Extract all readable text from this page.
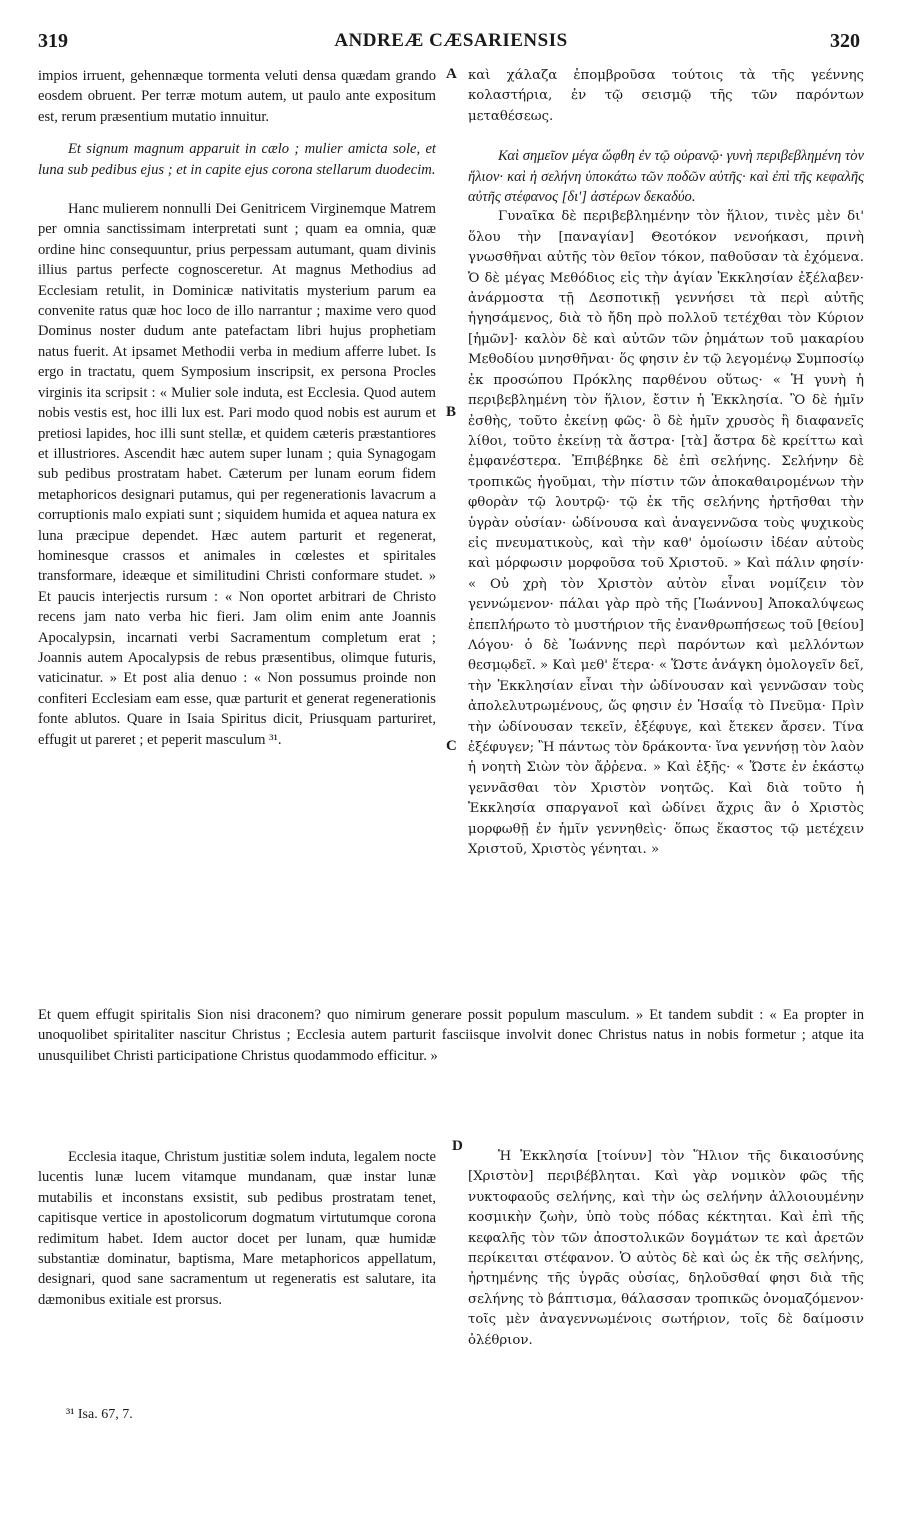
319	ANDREÆ CÆSARIENSIS	320

impios irruent, gehennæque tormenta veluti densa quædam grando eosdem obruent. Per terræ motum autem, ut paulo ante expositum est, rerum præsentium mutatio innuitur.

Et signum magnum apparuit in cælo ; mulier amicta sole, et luna sub pedibus ejus ; et in capite ejus corona stellarum duodecim.

Hanc mulierem nonnulli Dei Genitricem Virginemque Matrem per omnia sanctissimam interpretati sunt ; quam ea omnia, quæ ordine hinc consequuntur, prius perpessam autumant, quam divinis illius partus perfecte cognosceretur. At magnus Methodius ad Ecclesiam retulit, in Dominicæ nativitatis mysterium parum ea convenite ratus quæ hoc loco de illo narrantur ; maxime vero quod Dominus noster dudum ante patefactam libri hujus prophetiam natus fuerit. At ipsamet Methodii verba in medium afferre lubet. Is ergo in tractatu, quem Symposium inscripsit, ex persona Procles virginis ita scripsit : « Mulier sole induta, est Ecclesia. Quod autem nobis vestis est, hoc illi lux est. Pari modo quod nobis est aurum et pretiosi lapides, hoc illi sunt stellæ, et quidem cæteris præstantiores et illustriores. Ascendit hæc autem super lunam ; quia Synagogam sub pedibus prostratam habet. Cæterum per lunam eorum fidem metaphoricos designari putamus, qui per regenerationis lavacrum a corruptionis malo expiati sunt ; siquidem humida et aquea natura ex luna præcipue dependet. Hæc autem parturit et regenerat, hominesque crassos et animales in cœlestes et spiritales transformare, ideæque et similitudini Christi conformare studet. » Et paucis interjectis rursum : « Non oportet arbitrari de Christo recens jam nato verba hic fieri. Jam olim enim ante Joannis Apocalypsin, incarnati verbi Sacramentum completum erat ; Joannis autem Apocalypsis de rebus præsentibus, olimque futuris, vaticinatur. » Et post alia denuo : « Non possumus proinde non confiteri Ecclesiam eam esse, quæ parturit et generat regenerationis fonte ablutos. Quare in Isaia Spiritus dicit, Priusquam parturiret, effugit ut pareret ; et peperit masculum ³¹.

καὶ χάλαζα ἐπομβροῦσα τούτοις τὰ τῆς γεέννης κολαστήρια, ἐν τῷ σεισμῷ τῆς τῶν παρόντων μεταθέσεως.

Καὶ σημεῖον μέγα ὤφθη ἐν τῷ οὐρανῷ· γυνὴ περιβεβλημένη τὸν ἥλιον· καὶ ἡ σελήνη ὑποκάτω τῶν ποδῶν αὐτῆς· καὶ ἐπὶ τῆς κεφαλῆς αὐτῆς στέφανος [δι'] ἀστέρων δεκαδύο.

Γυναῖκα δὲ περιβεβλημένην τὸν ἥλιον, τινὲς μὲν δι' ὅλου τὴν [παναγίαν] Θεοτόκον νενοήκασι, πρινὴ γνωσθῆναι αὐτῆς τὸν θεῖον τόκον, παθοῦσαν τὰ ἐχόμενα. Ὁ δὲ μέγας Μεθόδιος εἰς τὴν ἁγίαν Ἐκκλησίαν ἐξέλαβεν· ἀνάρμοστα τῇ Δεσποτικῇ γεννήσει τὰ περὶ αὐτῆς ἡγησάμενος, διὰ τὸ ἤδη πρὸ πολλοῦ τετέχθαι τὸν Κύριον [ἡμῶν]· καλὸν δὲ καὶ αὐτῶν τῶν ῥημάτων τοῦ μακαρίου Μεθοδίου μνησθῆναι· ὅς φησιν ἐν τῷ λεγομένῳ Συμποσίῳ ἐκ προσώπου Πρόκλης παρθένου οὕτως· « Ἡ γυνὴ ἡ περιβεβλημένη τὸν ἥλιον, ἔστιν ἡ Ἐκκλησία. Ὃ δὲ ἡμῖν ἐσθὴς, τοῦτο ἐκείνῃ φῶς· ὃ δὲ ἡμῖν χρυσὸς ἢ διαφανεῖς λίθοι, τοῦτο ἐκείνῃ τὰ ἄστρα· [τὰ] ἄστρα δὲ κρείττω καὶ ἐμφανέστερα. Ἐπιβέβηκε δὲ ἐπὶ σελήνης. Σελήνην δὲ τροπικῶς ἡγοῦμαι, τὴν πίστιν τῶν ἀποκαθαιρομένων τὴν φθορὰν τῷ λουτρῷ· τῷ ἐκ τῆς σελήνης ἠρτῆσθαι τὴν ὑγρὰν οὐσίαν· ὠδίνουσα καὶ ἀναγεννῶσα τοὺς ψυχικοὺς εἰς πνευματικοὺς, καὶ τὴν καθ' ὁμοίωσιν ἰδέαν αὐτοὺς καὶ μόρφωσιν μορφοῦσα τοῦ Χριστοῦ. » Καὶ πάλιν φησίν· « Οὐ χρὴ τὸν Χριστὸν αὐτὸν εἶναι νομίζειν τὸν γεννώμενον· πάλαι γὰρ πρὸ τῆς [Ἰωάννου] Ἀποκαλύψεως ἐπεπλήρωτο τὸ μυστήριον τῆς ἐνανθρωπήσεως τοῦ [θείου] Λόγου· ὁ δὲ Ἰωάννης περὶ παρόντων καὶ μελλόντων θεσμῳδεῖ. » Καὶ μεθ' ἕτερα· « Ὥστε ἀνάγκη ὁμολογεῖν δεῖ, τὴν Ἐκκλησίαν εἶναι τὴν ὠδίνουσαν καὶ γεννῶσαν τοὺς ἀπολελυτρωμένους, ὥς φησιν ἐν Ἡσαΐᾳ τὸ Πνεῦμα· Πρὶν τὴν ὠδίνουσαν τεκεῖν, ἐξέφυγε, καὶ ἔτεκεν ἄρσεν. Τίνα ἐξέφυγεν; Ἢ πάντως τὸν δράκοντα· ἵνα γεννήσῃ τὸν λαὸν ἡ νοητὴ Σιὼν τὸν ἄῤῥενα. » Καὶ ἑξῆς· « Ὥστε ἐν ἑκάστῳ γεννᾶσθαι τὸν Χριστὸν νοητῶς. Καὶ διὰ τοῦτο ἡ Ἐκκλησία σπαργανοῖ καὶ ὠδίνει ἄχρις ἂν ὁ Χριστὸς μορφωθῇ ἐν ἡμῖν γεννηθεὶς· ὅπως ἕκαστος τῷ μετέχειν Χριστοῦ, Χριστὸς γένηται. »

Et quem effugit spiritalis Sion nisi draconem? quo nimirum generare possit populum masculum. » Et tandem subdit : « Ea propter in unoquolibet spiritaliter nascitur Christus ; Ecclesia autem parturit fasciisque involvit donec Christus natus in nobis formetur ; atque ita unusquilibet Christi participatione Christus quodammodo efficitur. »

Ecclesia itaque, Christum justitiæ solem induta, legalem nocte lucentis lunæ lucem vitamque mundanam, quæ instar lunæ mutabilis et inconstans exsistit, sub pedibus prostratam tenet, capitisque vertice in apostolicorum dogmatum virtutumque corona redimitum habet. Idem auctor docet per lunam, quæ humidæ substantiæ dominatur, baptisma, Mare metaphoricos appellatum, designari, quod sane sacramentum ut regeneratis est salutare, ita dæmonibus exitiale est prorsus.

Ἡ Ἐκκλησία [τοίνυν] τὸν Ἥλιον τῆς δικαιοσύνης [Χριστὸν] περιβέβληται. Καὶ γὰρ νομικὸν φῶς τῆς νυκτοφαοῦς σελήνης, καὶ τὴν ὡς σελήνην ἀλλοιουμένην κοσμικὴν ζωὴν, ὑπὸ τοὺς πόδας κέκτηται. Καὶ ἐπὶ τῆς κεφαλῆς τὸν τῶν ἀποστολικῶν δογμάτων τε καὶ ἀρετῶν περίκειται στέφανον. Ὁ αὐτὸς δὲ καὶ ὡς ἐκ τῆς σελήνης, ἠρτημένης τῆς ὑγρᾶς οὐσίας, δηλοῦσθαί φησι διὰ τῆς σελήνης τὸ βάπτισμα, θάλασσαν τροπικῶς ὀνομαζόμενον· τοῖς μὲν ἀναγεννωμένοις σωτήριον, τοῖς δὲ δαίμοσιν ὀλέθριον.

A
B
C
D
³¹ Isa. 67, 7.
